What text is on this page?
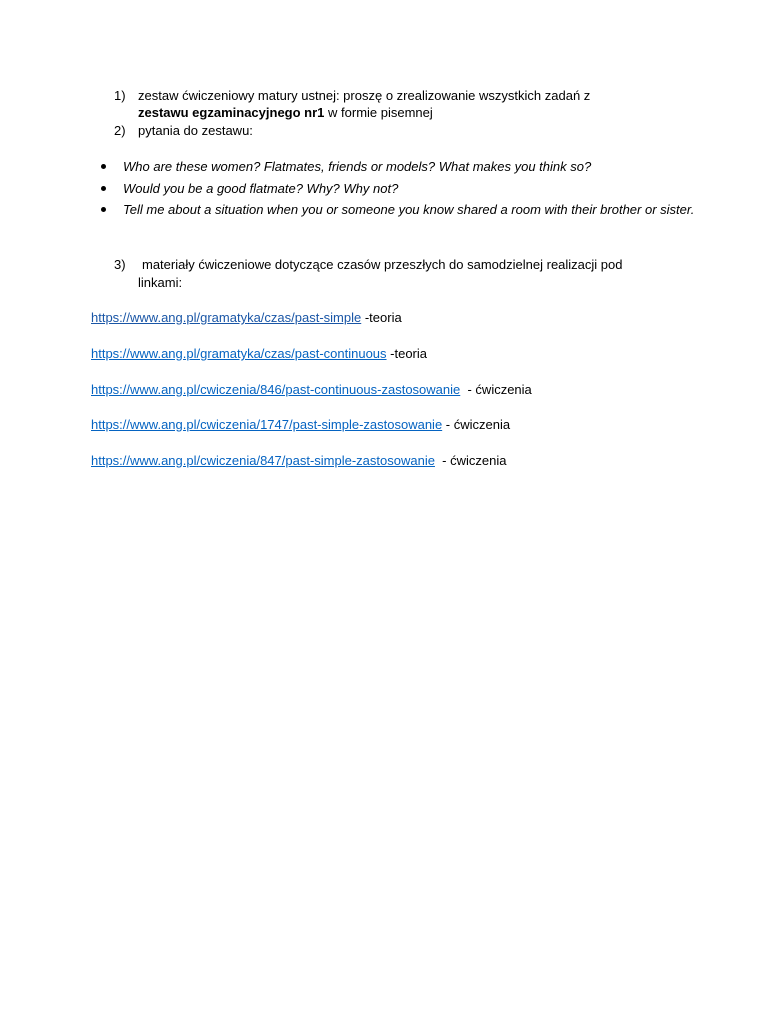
1) zestaw ćwiczeniowy matury ustnej: proszę o zrealizowanie wszystkich zadań z
zestawu egzaminacyjnego nr1 w formie pisemnej
2) pytania do zestawu:
Who are these women? Flatmates, friends or models? What makes you think so?
Would you be a good flatmate? Why? Why not?
Tell me about a situation when you or someone you know shared a room with their brother or sister.
3) materiały ćwiczeniowe dotyczące czasów przeszłych do samodzielnej realizacji pod
linkami:
https://www.ang.pl/gramatyka/czas/past-simple -teoria
https://www.ang.pl/gramatyka/czas/past-continuous -teoria
https://www.ang.pl/cwiczenia/846/past-continuous-zastosowanie  - ćwiczenia
https://www.ang.pl/cwiczenia/1747/past-simple-zastosowanie - ćwiczenia
https://www.ang.pl/cwiczenia/847/past-simple-zastosowanie  - ćwiczenia
